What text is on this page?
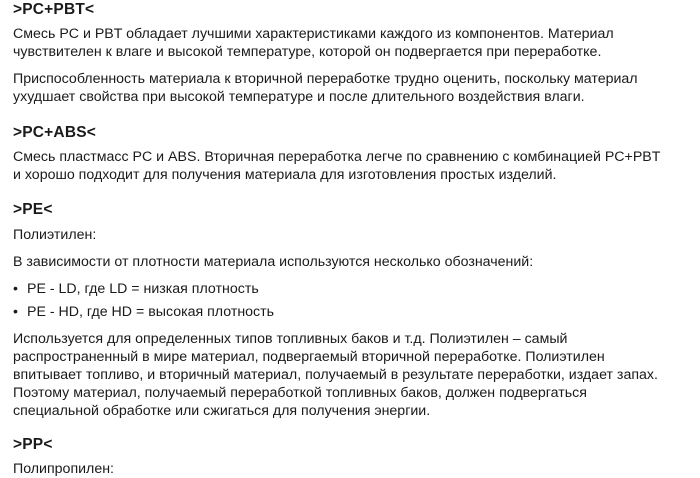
>PC+PBT<

Смесь PC и PBT обладает лучшими характеристиками каждого из компонентов. Материал

чувствителен к влаге и высокой температуре, которой он подвергается при переработке.

Приспособленность материала к вторичной переработке трудно оценить, поскольку материал

ухудшает свойства при высокой температуре и после длительного воздействия влаги.

>PC+ABS<

Смесь пластмасс PC и ABS. Вторичная переработка легче по сравнению с комбинацией PC+PBT

и хорошо подходит для получения материала для изготовления простых изделий.

>PE<

Полиэтилен:

В зависимости от плотности материала используются несколько обозначений:

• PE - LD, где LD = низкая плотность
• PE - HD, где HD = высокая плотность

Используется для определенных типов топливных баков и т.д. Полиэтилен – самый

распространенный в мире материал, подвергаемый вторичной переработке. Полиэтилен

впитывает топливо, и вторичный материал, получаемый в результате переработки, издает запах.

Поэтому материал, получаемый переработкой топливных баков, должен подвергаться

специальной обработке или сжигаться для получения энергии.

>PP<

Полипропилен:
